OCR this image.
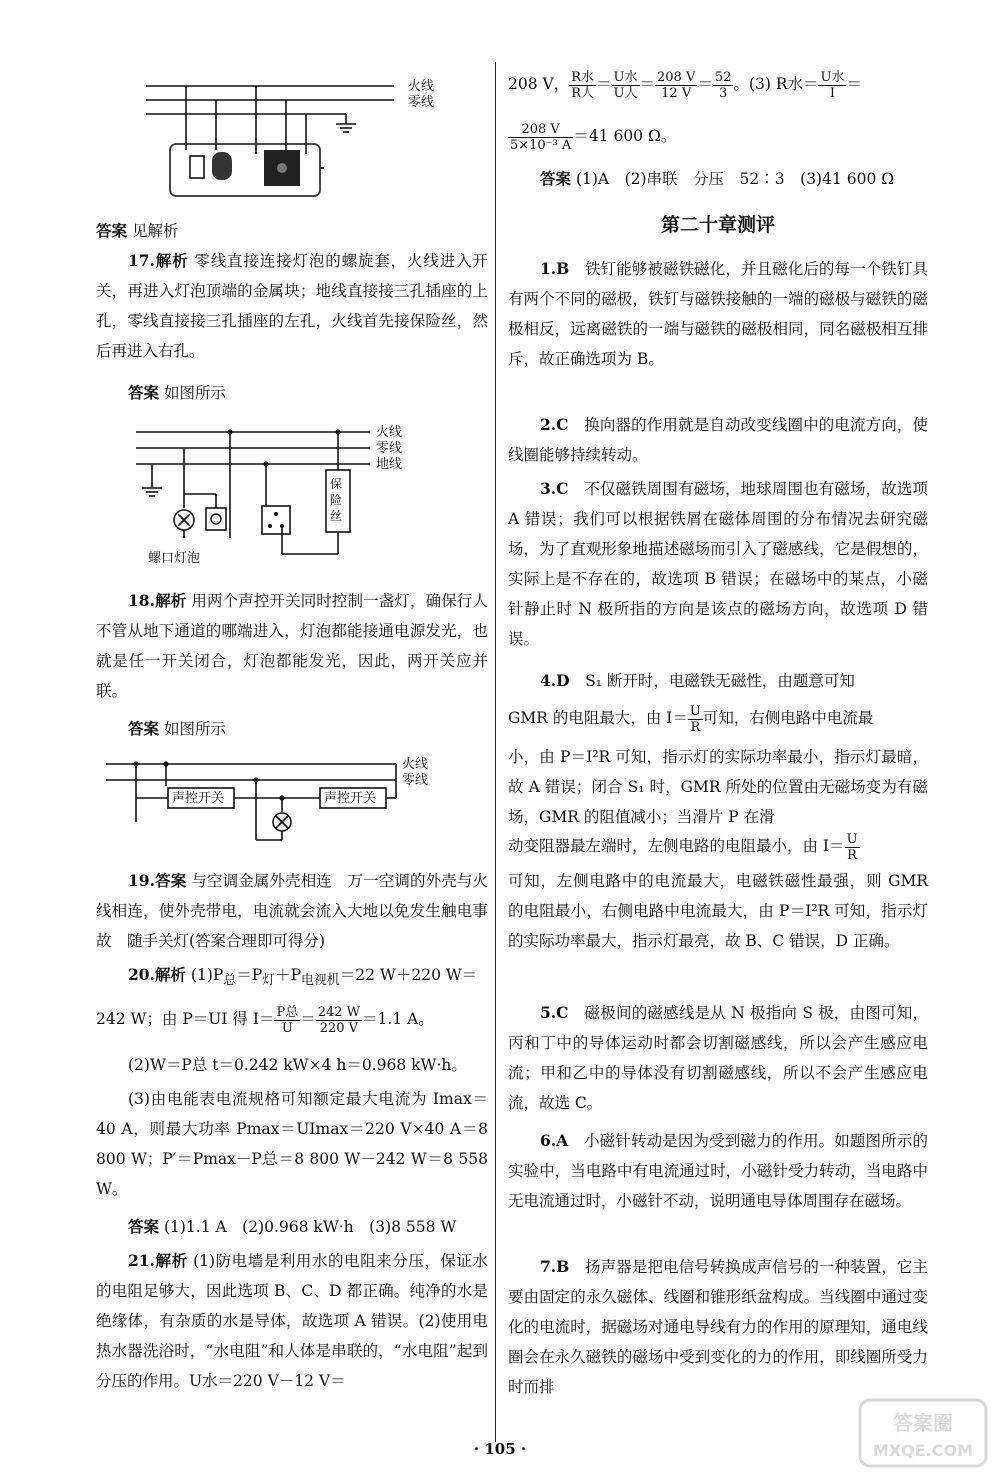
火线
零线

答案 见解析

17.解析 零线直接连接灯泡的螺旋套，火线进入开关，再进入灯泡顶端的金属块；地线直接接三孔插座的上孔，零线直接接三孔插座的左孔，火线首先接保险丝，然后再进入右孔。

答案 如图所示

保
险
丝
火线
零线
地线
螺口灯泡

18.解析 用两个声控开关同时控制一盏灯，确保行人不管从地下通道的哪端进入，灯泡都能接通电源发光，也就是任一开关闭合，灯泡都能发光，因此，两开关应并联。

答案 如图所示

声控开关	声控开关
火线
零线

19.答案 与空调金属外壳相连　万一空调的外壳与火线相连，使外壳带电，电流就会流入大地以免发生触电事故　随手关灯(答案合理即可得分)

20.解析 $(1)P_总=P_灯+P_{电视机}=22$ W＋220 W＝

242 W；由 P＝UI 得 $I= \frac{\text{P总}}{U} = \frac{242 W}{220 V} =1.1$ A。

(2)W＝P总 t＝0.242 kW×4 h＝0.968 kW·h。

(3)由电能表电流规格可知额定最大电流为 Imax＝40 A，则最大功率 Pmax＝UImax＝220 V×40 A＝8 800 W；P′＝Pmax－P总＝8 800 W－242 W＝8 558 W。

答案 (1)1.1 A　(2)0.968 kW·h　(3)8 558 W

21.解析 (1)防电墙是利用水的电阻来分压，保证水的电阻足够大，因此选项 B、C、D 都正确。纯净的水是绝缘体，有杂质的水是导体，故选项 A 错误。(2)使用电热水器洗浴时，“水电阻”和人体是串联的，“水电阻”起到分压的作用。U水＝220 V－12 V＝

208 V， $\frac{\text{R水}}{\text{R人}} = \frac{\text{U水}}{\text{U人}} = \frac{208 V}{12 V} = \frac{52}{3}$ 。(3) R水＝ $\frac{\text{U水}}{I}$ ＝

$\frac{208 V}{\text{5×10⁻³ A}} =41$ 600 Ω。

答案 (1)A　(2)串联　分压　52∶3　(3)41 600 Ω

第二十章测评

1.B　 铁钉能够被磁铁磁化，并且磁化后的每一个铁钉具有两个不同的磁极，铁钉与磁铁接触的一端的磁极与磁铁的磁极相反，远离磁铁的一端与磁铁的磁极相同，同名磁极相互排斥，故正确选项为 B。

2.C　 换向器的作用就是自动改变线圈中的电流方向，使线圈能够持续转动。

3.C　 不仅磁铁周围有磁场，地球周围也有磁场，故选项 A 错误；我们可以根据铁屑在磁体周围的分布情况去研究磁场，为了直观形象地描述磁场而引入了磁感线，它是假想的，实际上是不存在的，故选项 B 错误；在磁场中的某点，小磁针静止时 N 极所指的方向是该点的磁场方向，故选项 D 错误。

4.D　 S₁ 断开时，电磁铁无磁性，由题意可知

GMR 的电阻最大，由 $I= \frac{U}{R}$ 可知，右侧电路中电流最

小，由 P＝I²R 可知，指示灯的实际功率最小，指示灯最暗，故 A 错误；闭合 S₁ 时，GMR 所处的位置由无磁场变为有磁场，GMR 的阻值减小；当滑片 P 在滑

动变阻器最左端时，左侧电路的电阻最小，由 $I= \frac{U}{R}$

可知，左侧电路中的电流最大，电磁铁磁性最强，则 GMR 的电阻最小，右侧电路中电流最大，由 P＝I²R 可知，指示灯的实际功率最大，指示灯最亮，故 B、C 错误，D 正确。

5.C　 磁极间的磁感线是从 N 极指向 S 极，由图可知，丙和丁中的导体运动时都会切割磁感线，所以会产生感应电流；甲和乙中的导体没有切割磁感线，所以不会产生感应电流，故选 C。

6.A　 小磁针转动是因为受到磁力的作用。如题图所示的实验中，当电路中有电流通过时，小磁针受力转动，当电路中无电流通过时，小磁针不动，说明通电导体周围存在磁场。

7.B　 扬声器是把电信号转换成声信号的一种装置，它主要由固定的永久磁体、线圈和锥形纸盆构成。当线圈中通过变化的电流时，据磁场对通电导线有力的作用的原理知，通电线圈会在永久磁铁的磁场中受到变化的力的作用，即线圈所受力时而排

· 105 ·
答案圈
MXQE.COM
